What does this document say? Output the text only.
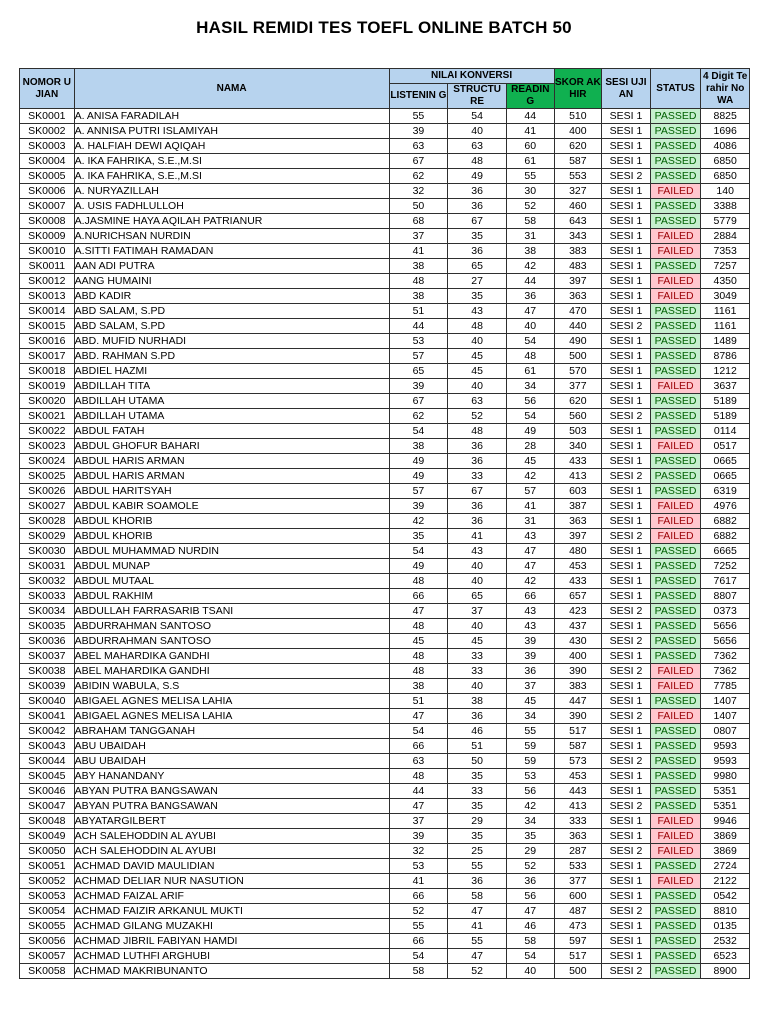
HASIL REMIDI TES TOEFL ONLINE BATCH 50
NOMOR UJIAN	NAMA	NILAI KONVERSI			SKOR AKHIR	SESI UJIAN	STATUS	4 Digit Terahir No WA
		LISTENIN G	STRUCTU RE	READIN G				
SK0001	A. ANISA FARADILAH	55	54	44	510	SESI 1	PASSED	8825
SK0002	A. ANNISA PUTRI ISLAMIYAH	39	40	41	400	SESI 1	PASSED	1696
SK0003	A. HALFIAH DEWI AQIQAH	63	63	60	620	SESI 1	PASSED	4086
SK0004	A. IKA FAHRIKA, S.E.,M.SI	67	48	61	587	SESI 1	PASSED	6850
SK0005	A. IKA FAHRIKA, S.E.,M.SI	62	49	55	553	SESI 2	PASSED	6850
SK0006	A. NURYAZILLAH	32	36	30	327	SESI 1	FAILED	140
SK0007	A. USIS FADHLULLOH	50	36	52	460	SESI 1	PASSED	3388
SK0008	A.JASMINE HAYA AQILAH PATRIANUR	68	67	58	643	SESI 1	PASSED	5779
SK0009	A.NURICHSAN NURDIN	37	35	31	343	SESI 1	FAILED	2884
SK0010	A.SITTI FATIMAH RAMADAN	41	36	38	383	SESI 1	FAILED	7353
SK0011	AAN ADI PUTRA	38	65	42	483	SESI 1	PASSED	7257
SK0012	AANG HUMAINI	48	27	44	397	SESI 1	FAILED	4350
SK0013	ABD KADIR	38	35	36	363	SESI 1	FAILED	3049
SK0014	ABD SALAM, S.PD	51	43	47	470	SESI 1	PASSED	1161
SK0015	ABD SALAM, S.PD	44	48	40	440	SESI 2	PASSED	1161
SK0016	ABD. MUFID NURHADI	53	40	54	490	SESI 1	PASSED	1489
SK0017	ABD. RAHMAN S.PD	57	45	48	500	SESI 1	PASSED	8786
SK0018	ABDIEL HAZMI	65	45	61	570	SESI 1	PASSED	1212
SK0019	ABDILLAH TITA	39	40	34	377	SESI 1	FAILED	3637
SK0020	ABDILLAH UTAMA	67	63	56	620	SESI 1	PASSED	5189
SK0021	ABDILLAH UTAMA	62	52	54	560	SESI 2	PASSED	5189
SK0022	ABDUL FATAH	54	48	49	503	SESI 1	PASSED	0114
SK0023	ABDUL GHOFUR BAHARI	38	36	28	340	SESI 1	FAILED	0517
SK0024	ABDUL HARIS ARMAN	49	36	45	433	SESI 1	PASSED	0665
SK0025	ABDUL HARIS ARMAN	49	33	42	413	SESI 2	PASSED	0665
SK0026	ABDUL HARITSYAH	57	67	57	603	SESI 1	PASSED	6319
SK0027	ABDUL KABIR SOAMOLE	39	36	41	387	SESI 1	FAILED	4976
SK0028	ABDUL KHORIB	42	36	31	363	SESI 1	FAILED	6882
SK0029	ABDUL KHORIB	35	41	43	397	SESI 2	FAILED	6882
SK0030	ABDUL MUHAMMAD NURDIN	54	43	47	480	SESI 1	PASSED	6665
SK0031	ABDUL MUNAP	49	40	47	453	SESI 1	PASSED	7252
SK0032	ABDUL MUTAAL	48	40	42	433	SESI 1	PASSED	7617
SK0033	ABDUL RAKHIM	66	65	66	657	SESI 1	PASSED	8807
SK0034	ABDULLAH FARRASARIB TSANI	47	37	43	423	SESI 2	PASSED	0373
SK0035	ABDURRAHMAN SANTOSO	48	40	43	437	SESI 1	PASSED	5656
SK0036	ABDURRAHMAN SANTOSO	45	45	39	430	SESI 2	PASSED	5656
SK0037	ABEL MAHARDIKA GANDHI	48	33	39	400	SESI 1	PASSED	7362
SK0038	ABEL MAHARDIKA GANDHI	48	33	36	390	SESI 2	FAILED	7362
SK0039	ABIDIN WABULA, S.S	38	40	37	383	SESI 1	FAILED	7785
SK0040	ABIGAEL AGNES MELISA LAHIA	51	38	45	447	SESI 1	PASSED	1407
SK0041	ABIGAEL AGNES MELISA LAHIA	47	36	34	390	SESI 2	FAILED	1407
SK0042	ABRAHAM TANGGANAH	54	46	55	517	SESI 1	PASSED	0807
SK0043	ABU UBAIDAH	66	51	59	587	SESI 1	PASSED	9593
SK0044	ABU UBAIDAH	63	50	59	573	SESI 2	PASSED	9593
SK0045	ABY HANANDANY	48	35	53	453	SESI 1	PASSED	9980
SK0046	ABYAN PUTRA BANGSAWAN	44	33	56	443	SESI 1	PASSED	5351
SK0047	ABYAN PUTRA BANGSAWAN	47	35	42	413	SESI 2	PASSED	5351
SK0048	ABYATARGILBERT	37	29	34	333	SESI 1	FAILED	9946
SK0049	ACH SALEHODDIN AL AYUBI	39	35	35	363	SESI 1	FAILED	3869
SK0050	ACH SALEHODDIN AL AYUBI	32	25	29	287	SESI 2	FAILED	3869
SK0051	ACHMAD DAVID MAULIDIAN	53	55	52	533	SESI 1	PASSED	2724
SK0052	ACHMAD DELIAR NUR NASUTION	41	36	36	377	SESI 1	FAILED	2122
SK0053	ACHMAD FAIZAL ARIF	66	58	56	600	SESI 1	PASSED	0542
SK0054	ACHMAD FAIZIR ARKANUL MUKTI	52	47	47	487	SESI 2	PASSED	8810
SK0055	ACHMAD GILANG MUZAKHI	55	41	46	473	SESI 1	PASSED	0135
SK0056	ACHMAD JIBRIL FABIYAN HAMDI	66	55	58	597	SESI 1	PASSED	2532
SK0057	ACHMAD LUTHFI ARGHUBI	54	47	54	517	SESI 1	PASSED	6523
SK0058	ACHMAD MAKRIBUNANTO	58	52	40	500	SESI 2	PASSED	8900
